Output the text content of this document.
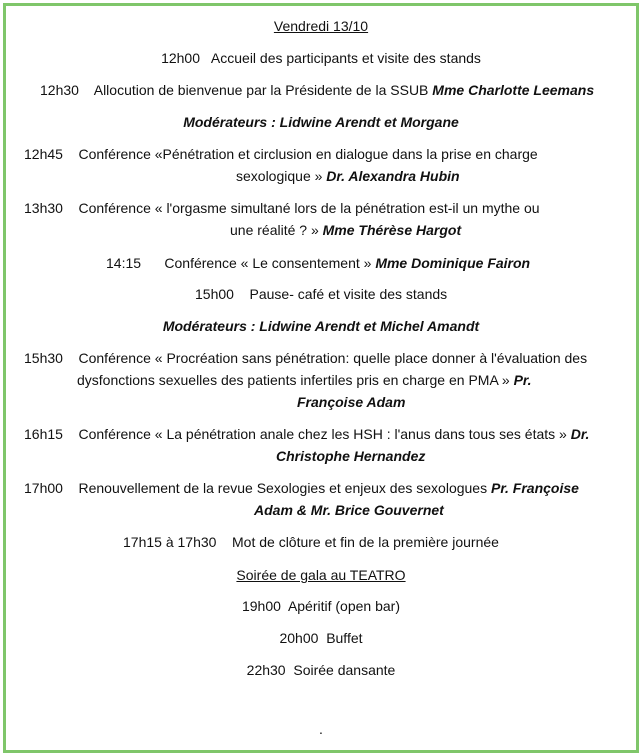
Vendredi 13/10
12h00 Accueil des participants et visite des stands
12h30 Allocution de bienvenue par la Présidente de la SSUB Mme Charlotte Leemans
Modérateurs : Lidwine Arendt et Morgane
12h45 Conférence «Pénétration et circlusion en dialogue dans la prise en charge
sexologique » Dr. Alexandra Hubin
13h30 Conférence « l'orgasme simultané lors de la pénétration est-il un mythe ou
une réalité ? » Mme Thérèse Hargot
14:15 Conférence « Le consentement » Mme Dominique Fairon
15h00 Pause- café et visite des stands
Modérateurs : Lidwine Arendt et Michel Amandt
15h30 Conférence « Procréation sans pénétration: quelle place donner à l'évaluation des
dysfonctions sexuelles des patients infertiles pris en charge en PMA » Pr.
Françoise Adam
16h15 Conférence « La pénétration anale chez les HSH : l'anus dans tous ses états » Dr.
Christophe Hernandez
17h00 Renouvellement de la revue Sexologies et enjeux des sexologues Pr. Françoise
Adam & Mr. Brice Gouvernet
17h15 à 17h30 Mot de clôture et fin de la première journée
Soirée de gala au TEATRO
19h00 Apéritif (open bar)
20h00 Buffet
22h30 Soirée dansante
.
